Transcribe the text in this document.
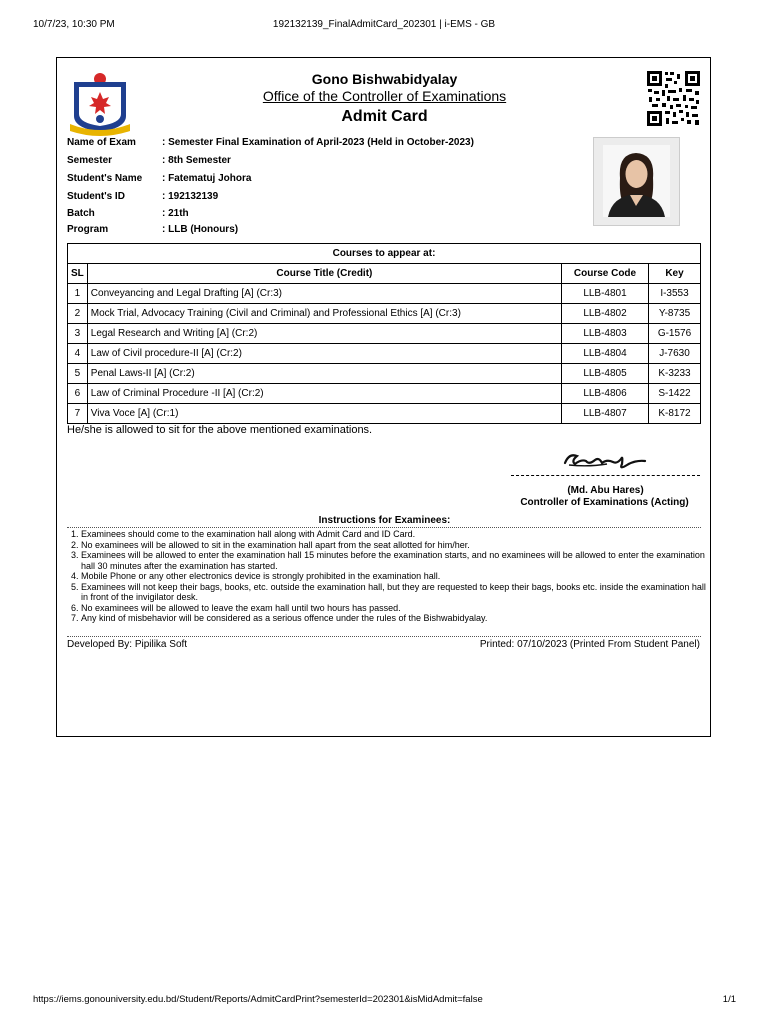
10/7/23, 10:30 PM	192132139_FinalAdmitCard_202301 | i-EMS - GB
Gono Bishwabidyalay
Office of the Controller of Examinations
Admit Card
Name of Exam	: Semester Final Examination of April-2023 (Held in October-2023)
Semester	: 8th Semester
Student's Name	: Fatematuj Johora
Student's ID	: 192132139
Batch	: 21th
Program	: LLB (Honours)
Courses to appear at:			
SL	Course Title (Credit)	Course Code	Key
1	Conveyancing and Legal Drafting [A] (Cr:3)	LLB-4801	I-3553
2	Mock Trial, Advocacy Training (Civil and Criminal) and Professional Ethics [A] (Cr:3)	LLB-4802	Y-8735
3	Legal Research and Writing [A] (Cr:2)	LLB-4803	G-1576
4	Law of Civil procedure-II [A] (Cr:2)	LLB-4804	J-7630
5	Penal Laws-II [A] (Cr:2)	LLB-4805	K-3233
6	Law of Criminal Procedure -II [A] (Cr:2)	LLB-4806	S-1422
7	Viva Voce [A] (Cr:1)	LLB-4807	K-8172
He/she is allowed to sit for the above mentioned examinations.
(Md. Abu Hares)
Controller of Examinations (Acting)
Instructions for Examinees:
1. Examinees should come to the examination hall along with Admit Card and ID Card.
2. No examinees will be allowed to sit in the examination hall apart from the seat allotted for him/her.
3. Examinees will be allowed to enter the examination hall 15 minutes before the examination starts, and no examinees will be allowed to enter the examination hall 30 minutes after the examination has started.
4. Mobile Phone or any other electronics device is strongly prohibited in the examination hall.
5. Examinees will not keep their bags, books, etc. outside the examination hall, but they are requested to keep their bags, books etc. inside the examination hall in front of the invigilator desk.
6. No examinees will be allowed to leave the exam hall until two hours has passed.
7. Any kind of misbehavior will be considered as a serious offence under the rules of the Bishwabidyalay.
Developed By: Pipilika Soft	Printed: 07/10/2023 (Printed From Student Panel)
https://iems.gonouniversity.edu.bd/Student/Reports/AdmitCardPrint?semesterId=202301&isMidAdmit=false	1/1
